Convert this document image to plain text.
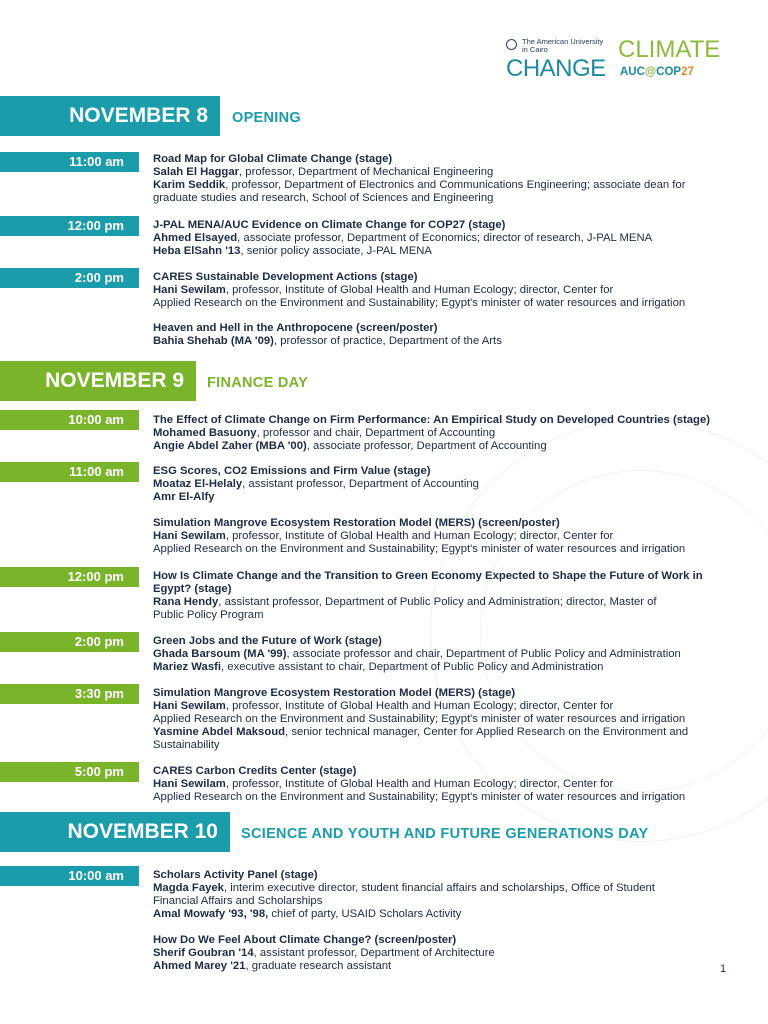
The American University in Cairo	CLIMATE
CHANGE AUC@COP27
NOVEMBER 8	OPENING
11:00 am	Road Map for Global Climate Change (stage)
Salah El Haggar, professor, Department of Mechanical Engineering
Karim Seddik, professor, Department of Electronics and Communications Engineering; associate dean for
graduate studies and research, School of Sciences and Engineering
12:00 pm	J-PAL MENA/AUC Evidence on Climate Change for COP27 (stage)
Ahmed Elsayed, associate professor, Department of Economics; director of research, J-PAL MENA
Heba ElSahn '13, senior policy associate, J-PAL MENA
2:00 pm	CARES Sustainable Development Actions (stage)
Hani Sewilam, professor, Institute of Global Health and Human Ecology; director, Center for
Applied Research on the Environment and Sustainability; Egypt's minister of water resources and irrigation
Heaven and Hell in the Anthropocene (screen/poster)
Bahia Shehab (MA '09), professor of practice, Department of the Arts
NOVEMBER 9	FINANCE DAY
10:00 am	The Effect of Climate Change on Firm Performance: An Empirical Study on Developed Countries (stage)
Mohamed Basuony, professor and chair, Department of Accounting
Angie Abdel Zaher (MBA '00), associate professor, Department of Accounting
11:00 am	ESG Scores, CO2 Emissions and Firm Value (stage)
Moataz El-Helaly, assistant professor, Department of Accounting
Amr El-Alfy
Simulation Mangrove Ecosystem Restoration Model (MERS) (screen/poster)
Hani Sewilam, professor, Institute of Global Health and Human Ecology; director, Center for
Applied Research on the Environment and Sustainability; Egypt's minister of water resources and irrigation
12:00 pm	How Is Climate Change and the Transition to Green Economy Expected to Shape the Future of Work in
Egypt? (stage)
Rana Hendy, assistant professor, Department of Public Policy and Administration; director, Master of
Public Policy Program
2:00 pm	Green Jobs and the Future of Work (stage)
Ghada Barsoum (MA '99), associate professor and chair, Department of Public Policy and Administration
Mariez Wasfi, executive assistant to chair, Department of Public Policy and Administration
3:30 pm	Simulation Mangrove Ecosystem Restoration Model (MERS) (stage)
Hani Sewilam, professor, Institute of Global Health and Human Ecology; director, Center for
Applied Research on the Environment and Sustainability; Egypt's minister of water resources and irrigation
Yasmine Abdel Maksoud, senior technical manager, Center for Applied Research on the Environment and
Sustainability
5:00 pm	CARES Carbon Credits Center (stage)
Hani Sewilam, professor, Institute of Global Health and Human Ecology; director, Center for
Applied Research on the Environment and Sustainability; Egypt's minister of water resources and irrigation
NOVEMBER 10	SCIENCE AND YOUTH AND FUTURE GENERATIONS DAY
10:00 am	Scholars Activity Panel (stage)
Magda Fayek, interim executive director, student financial affairs and scholarships, Office of Student
Financial Affairs and Scholarships
Amal Mowafy '93, '98, chief of party, USAID Scholars Activity
How Do We Feel About Climate Change? (screen/poster)
Sherif Goubran '14, assistant professor, Department of Architecture
Ahmed Marey '21, graduate research assistant	1
